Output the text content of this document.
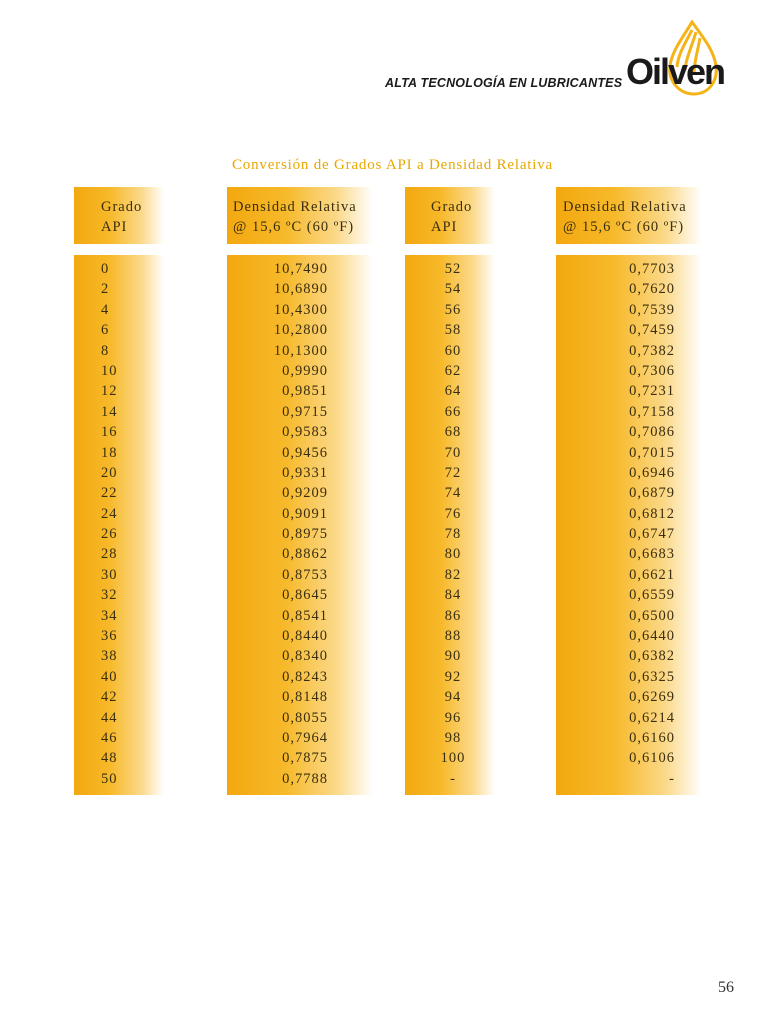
ALTA TECNOLOGÍA EN LUBRICANTES Oilven
Conversión de Grados API a Densidad Relativa
Grado
API
Densidad Relativa
@ 15,6 ºC (60 ºF)
Grado
API
Densidad Relativa
@ 15,6 ºC (60 ºF)
0
2
4
6
8
10
12
14
16
18
20
22
24
26
28
30
32
34
36
38
40
42
44
46
48
50
10,7490
10,6890
10,4300
10,2800
10,1300
0,9990
0,9851
0,9715
0,9583
0,9456
0,9331
0,9209
0,9091
0,8975
0,8862
0,8753
0,8645
0,8541
0,8440
0,8340
0,8243
0,8148
0,8055
0,7964
0,7875
0,7788
52
54
56
58
60
62
64
66
68
70
72
74
76
78
80
82
84
86
88
90
92
94
96
98
100
-
0,7703
0,7620
0,7539
0,7459
0,7382
0,7306
0,7231
0,7158
0,7086
0,7015
0,6946
0,6879
0,6812
0,6747
0,6683
0,6621
0,6559
0,6500
0,6440
0,6382
0,6325
0,6269
0,6214
0,6160
0,6106
-
56
